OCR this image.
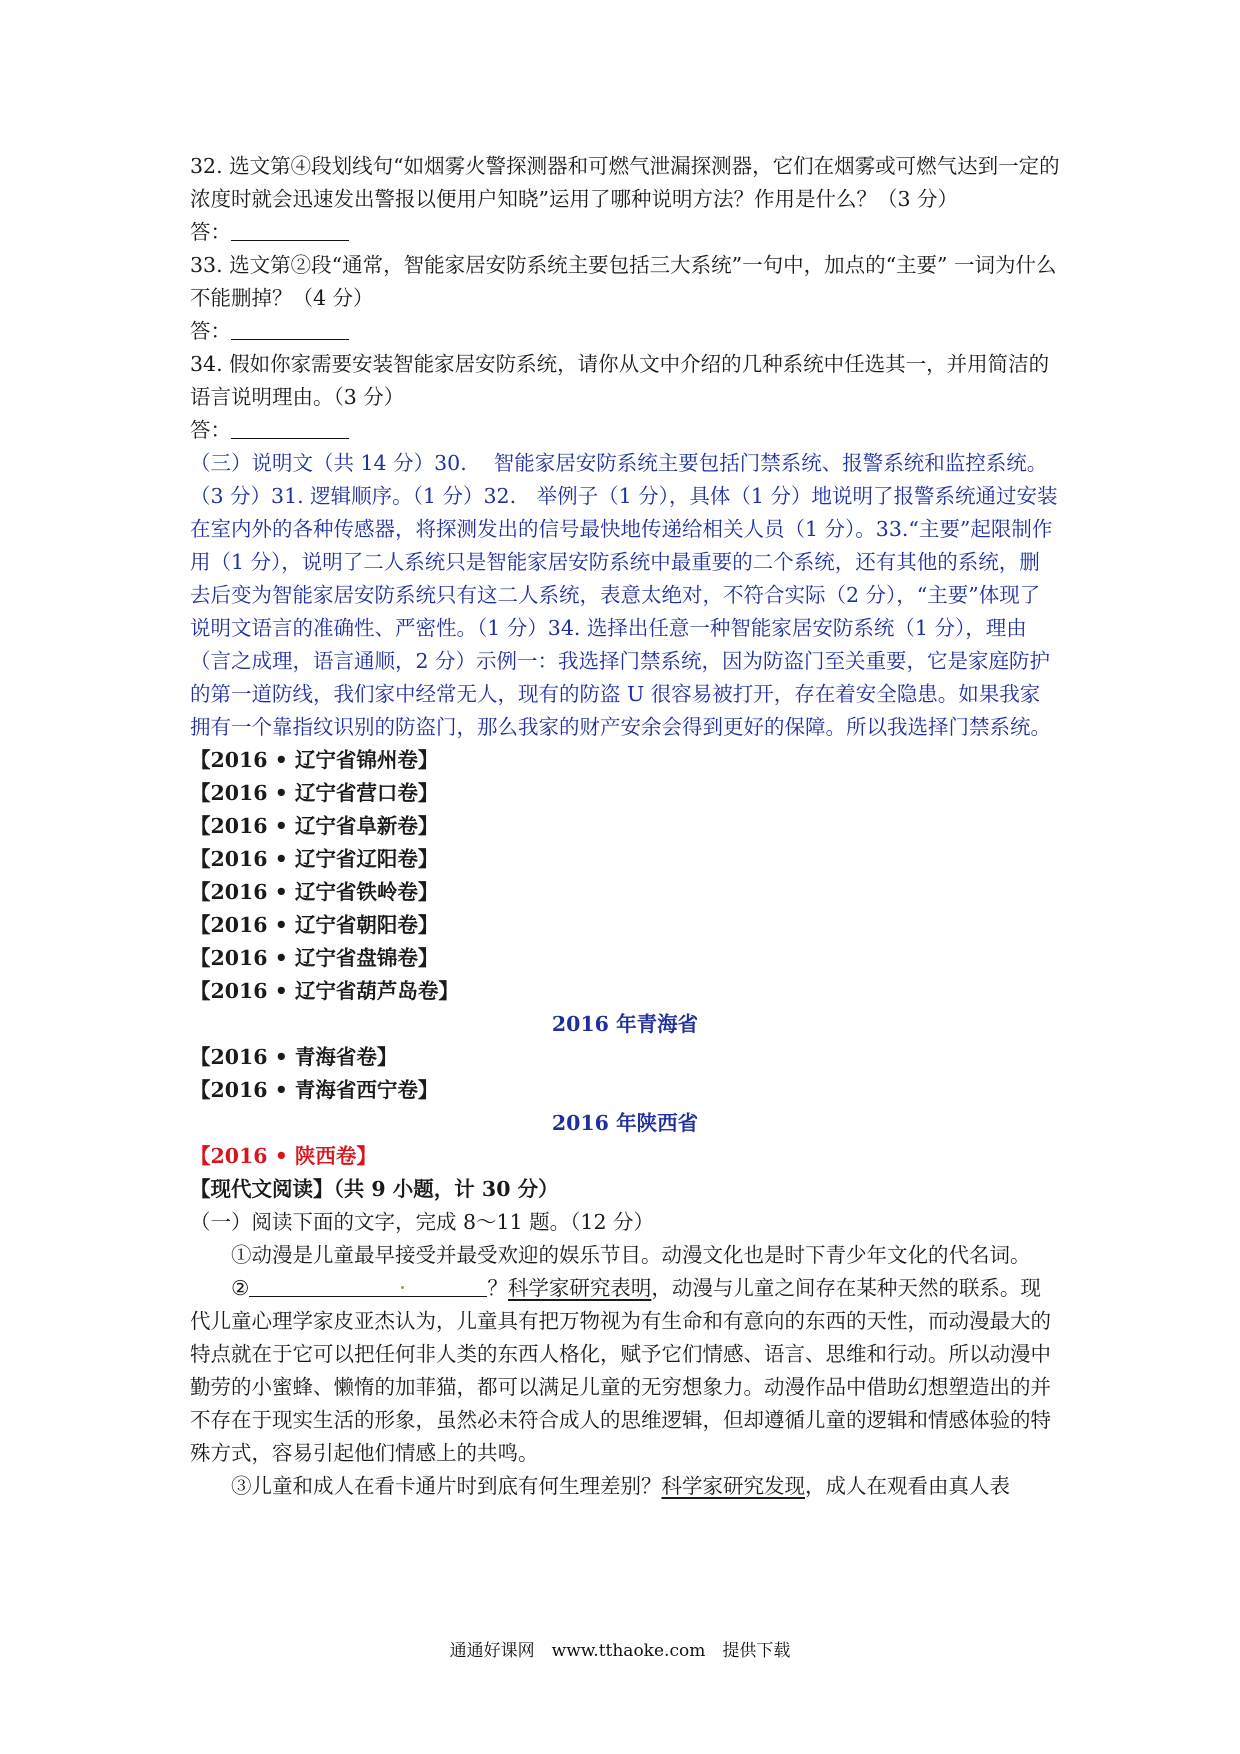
32. 选文第④段划线句“如烟雾火警探测器和可燃气泄漏探测器，它们在烟雾或可燃气达到一定的浓度时就会迅速发出警报以便用户知晓”运用了哪种说明方法？作用是什么？（3 分）

答：

33. 选文第②段“通常，智能家居安防系统主要包括三大系统”一句中，加点的“主要” 一词为什么不能删掉？（4 分）

答：

34. 假如你家需要安装智能家居安防系统，请你从文中介绍的几种系统中任选其一，并用简洁的语言说明理由。（3 分）

答：

（三）说明文（共 14 分）30.　 智能家居安防系统主要包括门禁系统、报警系统和监控系统。（3 分）31. 逻辑顺序。（1 分）32.　举例子（1 分），具体（1 分）地说明了报警系统通过安装在室内外的各种传感器，将探测发出的信号最快地传递给相关人员（1 分）。33.“主要”起限制作用（1 分），说明了二人系统只是智能家居安防系统中最重要的二个系统，还有其他的系统，删去后变为智能家居安防系统只有这二人系统，表意太绝对，不符合实际（2 分），“主要”体现了说明文语言的准确性、严密性。（1 分）34. 选择出任意一种智能家居安防系统（1 分），理由（言之成理，语言通顺，2 分）示例一：我选择门禁系统，因为防盗门至关重要，它是家庭防护的第一道防线，我们家中经常无人，现有的防盗 U 很容易被打开，存在着安全隐患。如果我家拥有一个靠指纹识别的防盗门，那么我家的财产安余会得到更好的保障。所以我选择门禁系统。

【2016 • 辽宁省锦州卷】

【2016 • 辽宁省营口卷】

【2016 • 辽宁省阜新卷】

【2016 • 辽宁省辽阳卷】

【2016 • 辽宁省铁岭卷】

【2016 • 辽宁省朝阳卷】

【2016 • 辽宁省盘锦卷】

【2016 • 辽宁省葫芦岛卷】

2016 年青海省

【2016 • 青海省卷】

【2016 • 青海省西宁卷】

2016 年陕西省

【2016 • 陕西卷】

【现代文阅读】（共 9 小题，计 30 分）

（一）阅读下面的文字，完成 8～11 题。（12 分）

①动漫是儿童最早接受并最受欢迎的娱乐节目。动漫文化也是时下青少年文化的代名词。

②	？科学家研究表明，动漫与儿童之间存在某种天然的联系。现代儿童心理学家皮亚杰认为，儿童具有把万物视为有生命和有意向的东西的天性，而动漫最大的特点就在于它可以把任何非人类的东西人格化，赋予它们情感、语言、思维和行动。所以动漫中勤劳的小蜜蜂、懒惰的加菲猫，都可以满足儿童的无穷想象力。动漫作品中借助幻想塑造出的并不存在于现实生活的形象，虽然必未符合成人的思维逻辑，但却遵循儿童的逻辑和情感体验的特殊方式，容易引起他们情感上的共鸣。

③儿童和成人在看卡通片时到底有何生理差别？科学家研究发现，成人在观看由真人表

通通好课网　www.tthaoke.com　提供下载
